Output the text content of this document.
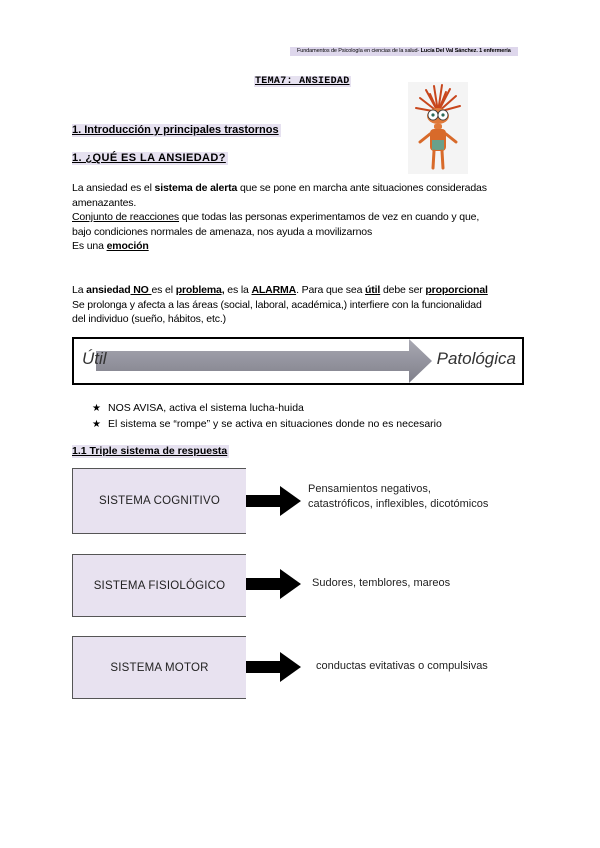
Fundamentos de Psicología en ciencias de la salud- Lucía Del Val Sánchez. 1 enfermería
TEMA7: ANSIEDAD
1. Introducción y principales trastornos
1. ¿QUÉ ES LA ANSIEDAD?
La ansiedad es el sistema de alerta que se pone en marcha ante situaciones consideradas
amenazantes.
Conjunto de reacciones que todas las personas experimentamos de vez en cuando y que,
bajo condiciones normales de amenaza, nos ayuda a movilizarnos
Es una emoción
La ansiedad NO es el problema, es la ALARMA. Para que sea útil debe ser proporcional
Se prolonga y afecta a las áreas (social, laboral, académica,) interfiere con la funcionalidad
del individuo (sueño, hábitos, etc.)
Útil	Patológica
★ NOS AVISA, activa el sistema lucha-huida
★ El sistema se “rompe” y se activa en situaciones donde no es necesario
1.1 Triple sistema de respuesta
SISTEMA COGNITIVO
Pensamientos negativos,
catastróficos, inflexibles, dicotómicos
SISTEMA FISIOLÓGICO	Sudores, temblores, mareos
SISTEMA MOTOR	conductas evitativas o compulsivas
